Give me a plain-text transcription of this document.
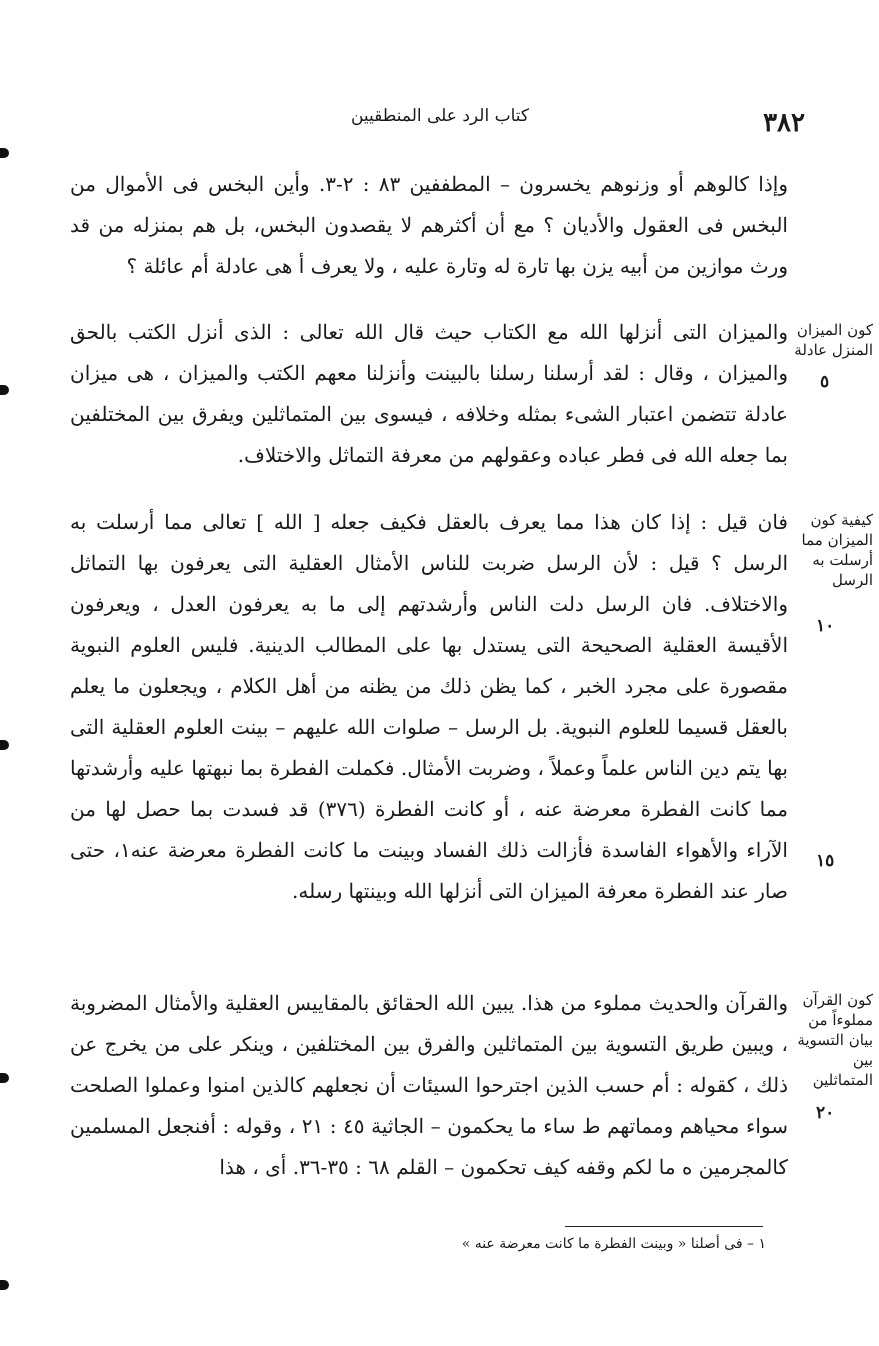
٣٨٢
كتاب الرد على المنطقيين

وإذا كالوهم أو وزنوهم يخسرون – المطففين ٨٣ : ٢-٣. وأين البخس فى الأموال من البخس فى العقول والأديان ؟ مع أن أكثرهم لا يقصدون البخس، بل هم بمنزله من قد ورث موازين من أبيه يزن بها تارة له وتارة عليه ، ولا يعرف أ هى عادلة أم عائلة ؟

والميزان التى أنزلها الله مع الكتاب حيث قال الله تعالى : الذى أنزل الكتب بالحق والميزان ، وقال : لقد أرسلنا رسلنا بالبينت وأنزلنا معهم الكتب والميزان ، هى ميزان عادلة تتضمن اعتبار الشىء بمثله وخلافه ، فيسوى بين المتماثلين ويفرق بين المختلفين بما جعله الله فى فطر عباده وعقولهم من معرفة التماثل والاختلاف.

فان قيل : إذا كان هذا مما يعرف بالعقل فكيف جعله [ الله ] تعالى مما أرسلت به الرسل ؟ قيل : لأن الرسل ضربت للناس الأمثال العقلية التى يعرفون بها التماثل والاختلاف. فان الرسل دلت الناس وأرشدتهم إلى ما به يعرفون العدل ، ويعرفون الأقيسة العقلية الصحيحة التى يستدل بها على المطالب الدينية. فليس العلوم النبوية مقصورة على مجرد الخبر ، كما يظن ذلك من يظنه من أهل الكلام ، ويجعلون ما يعلم بالعقل قسيما للعلوم النبوية. بل الرسل – صلوات الله عليهم – بينت العلوم العقلية التى بها يتم دين الناس علماً وعملاً ، وضربت الأمثال. فكملت الفطرة بما نبهتها عليه وأرشدتها مما كانت الفطرة معرضة عنه ، أو كانت الفطرة (٣٧٦) قد فسدت بما حصل لها من الآراء والأهواء الفاسدة فأزالت ذلك الفساد وبينت ما كانت الفطرة معرضة عنه١، حتى صار عند الفطرة معرفة الميزان التى أنزلها الله وبينتها رسله.

والقرآن والحديث مملوء من هذا. يبين الله الحقائق بالمقاييس العقلية والأمثال المضروبة ، ويبين طريق التسوية بين المتماثلين والفرق بين المختلفين ، وينكر على من يخرج عن ذلك ، كقوله : أم حسب الذين اجترحوا السيئات أن نجعلهم كالذين امنوا وعملوا الصلحت سواء محياهم ومماتهم ط ساء ما يحكمون – الجاثية ٤٥ : ٢١ ، وقوله : أفنجعل المسلمين كالمجرمين ه ما لكم وقفه كيف تحكمون – القلم ٦٨ : ٣٥-٣٦. أى ، هذا

كون الميزان المنزل عادلة
كيفية كون الميزان مما أرسلت به الرسل
كون القرآن مملوءاً من بيان التسوية بين المتماثلين
٥
١٠
١٥
٢٠
١ – فى أصلنا « وبينت الفطرة ما كانت معرضة عنه »
